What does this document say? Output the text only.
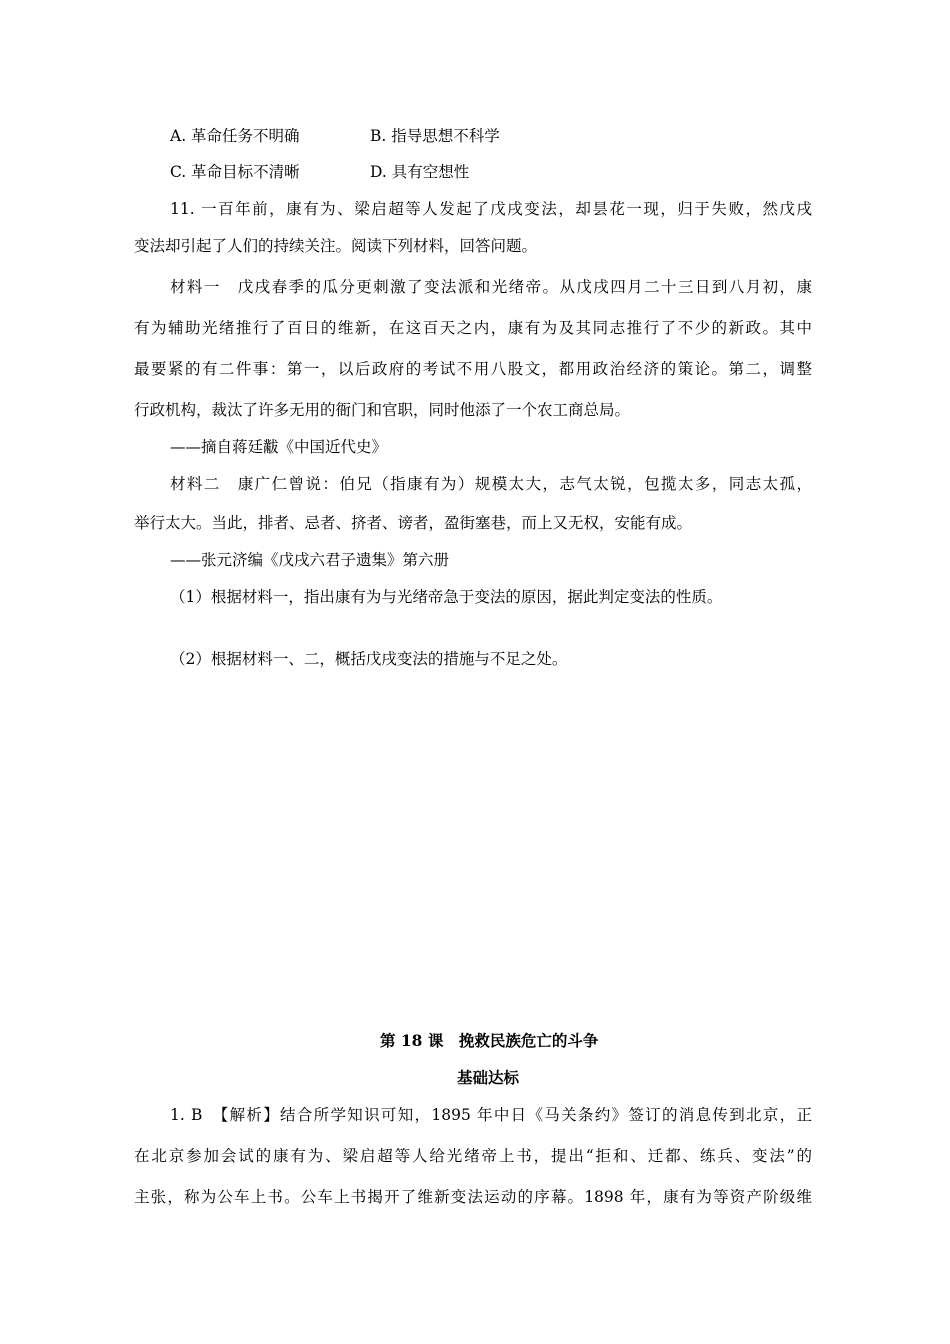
A. 革命任务不明确	B. 指导思想不科学
C. 革命目标不清晰	D. 具有空想性
11. 一百年前，康有为、梁启超等人发起了戊戌变法，却昙花一现，归于失败，然戊戌
变法却引起了人们的持续关注。阅读下列材料，回答问题。
材料一　戊戌春季的瓜分更刺激了变法派和光绪帝。从戊戌四月二十三日到八月初，康
有为辅助光绪推行了百日的维新，在这百天之内，康有为及其同志推行了不少的新政。其中
最要紧的有二件事：第一，以后政府的考试不用八股文，都用政治经济的策论。第二，调整
行政机构，裁汰了许多无用的衙门和官职，同时他添了一个农工商总局。
——摘自蒋廷黻《中国近代史》
材料二　康广仁曾说：伯兄（指康有为）规模太大，志气太锐，包揽太多，同志太孤，
举行太大。当此，排者、忌者、挤者、谤者，盈街塞巷，而上又无权，安能有成。
——张元济编《戊戌六君子遗集》第六册
（1）根据材料一，指出康有为与光绪帝急于变法的原因，据此判定变法的性质。
（2）根据材料一、二，概括戊戌变法的措施与不足之处。
第 18 课　挽救民族危亡的斗争
基础达标
1. B　【解析】结合所学知识可知，1895 年中日《马关条约》签订的消息传到北京，正
在北京参加会试的康有为、梁启超等人给光绪帝上书，提出“拒和、迁都、练兵、变法”的
主张，称为公车上书。公车上书揭开了维新变法运动的序幕。1898 年，康有为等资产阶级维
